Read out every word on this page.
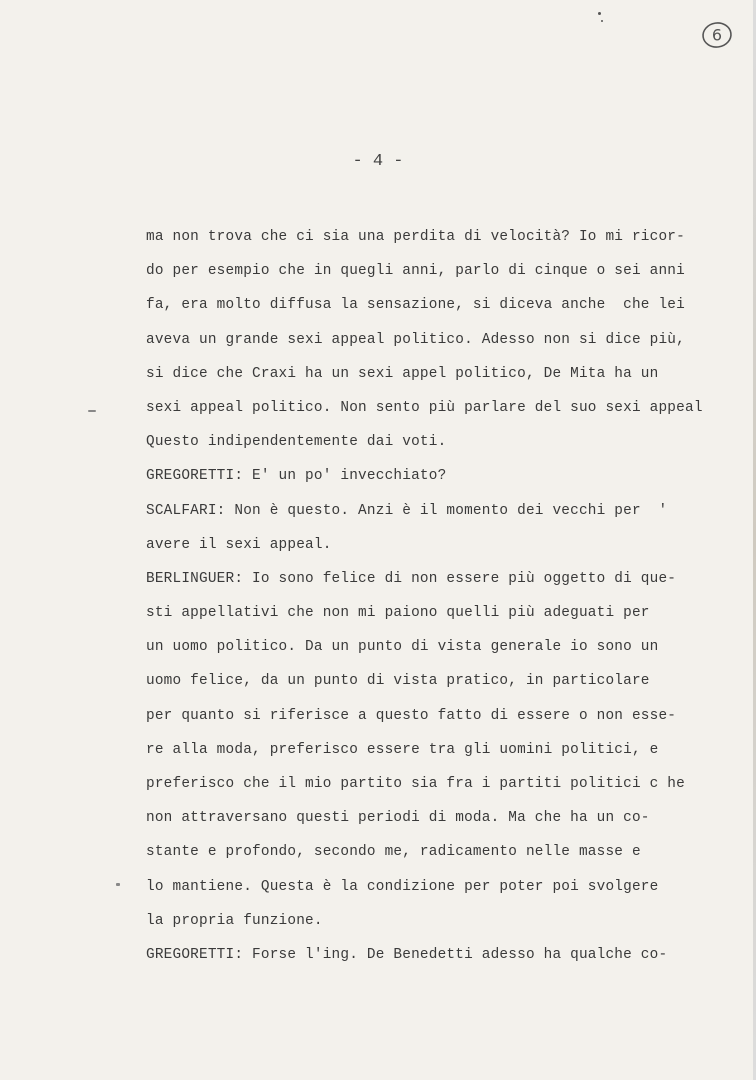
6
- 4 -
ma non trova che ci sia una perdita di velocità? Io mi ricor-
do per esempio che in quegli anni, parlo di cinque o sei anni
fa, era molto diffusa la sensazione, si diceva anche  che lei
aveva un grande sexi appeal politico. Adesso non si dice più,
si dice che Craxi ha un sexi appel politico, De Mita ha un
sexi appeal politico. Non sento più parlare del suo sexi appeal
Questo indipendentemente dai voti.
GREGORETTI: E' un po' invecchiato?
SCALFARI: Non è questo. Anzi è il momento dei vecchi per  '
avere il sexi appeal.
BERLINGUER: Io sono felice di non essere più oggetto di que-
sti appellativi che non mi paiono quelli più adeguati per
un uomo politico. Da un punto di vista generale io sono un
uomo felice, da un punto di vista pratico, in particolare
per quanto si riferisce a questo fatto di essere o non esse-
re alla moda, preferisco essere tra gli uomini politici, e
preferisco che il mio partito sia fra i partiti politici c he
non attraversano questi periodi di moda. Ma che ha un co-
stante e profondo, secondo me, radicamento nelle masse e
lo mantiene. Questa è la condizione per poter poi svolgere
la propria funzione.
GREGORETTI: Forse l'ing. De Benedetti adesso ha qualche co-
